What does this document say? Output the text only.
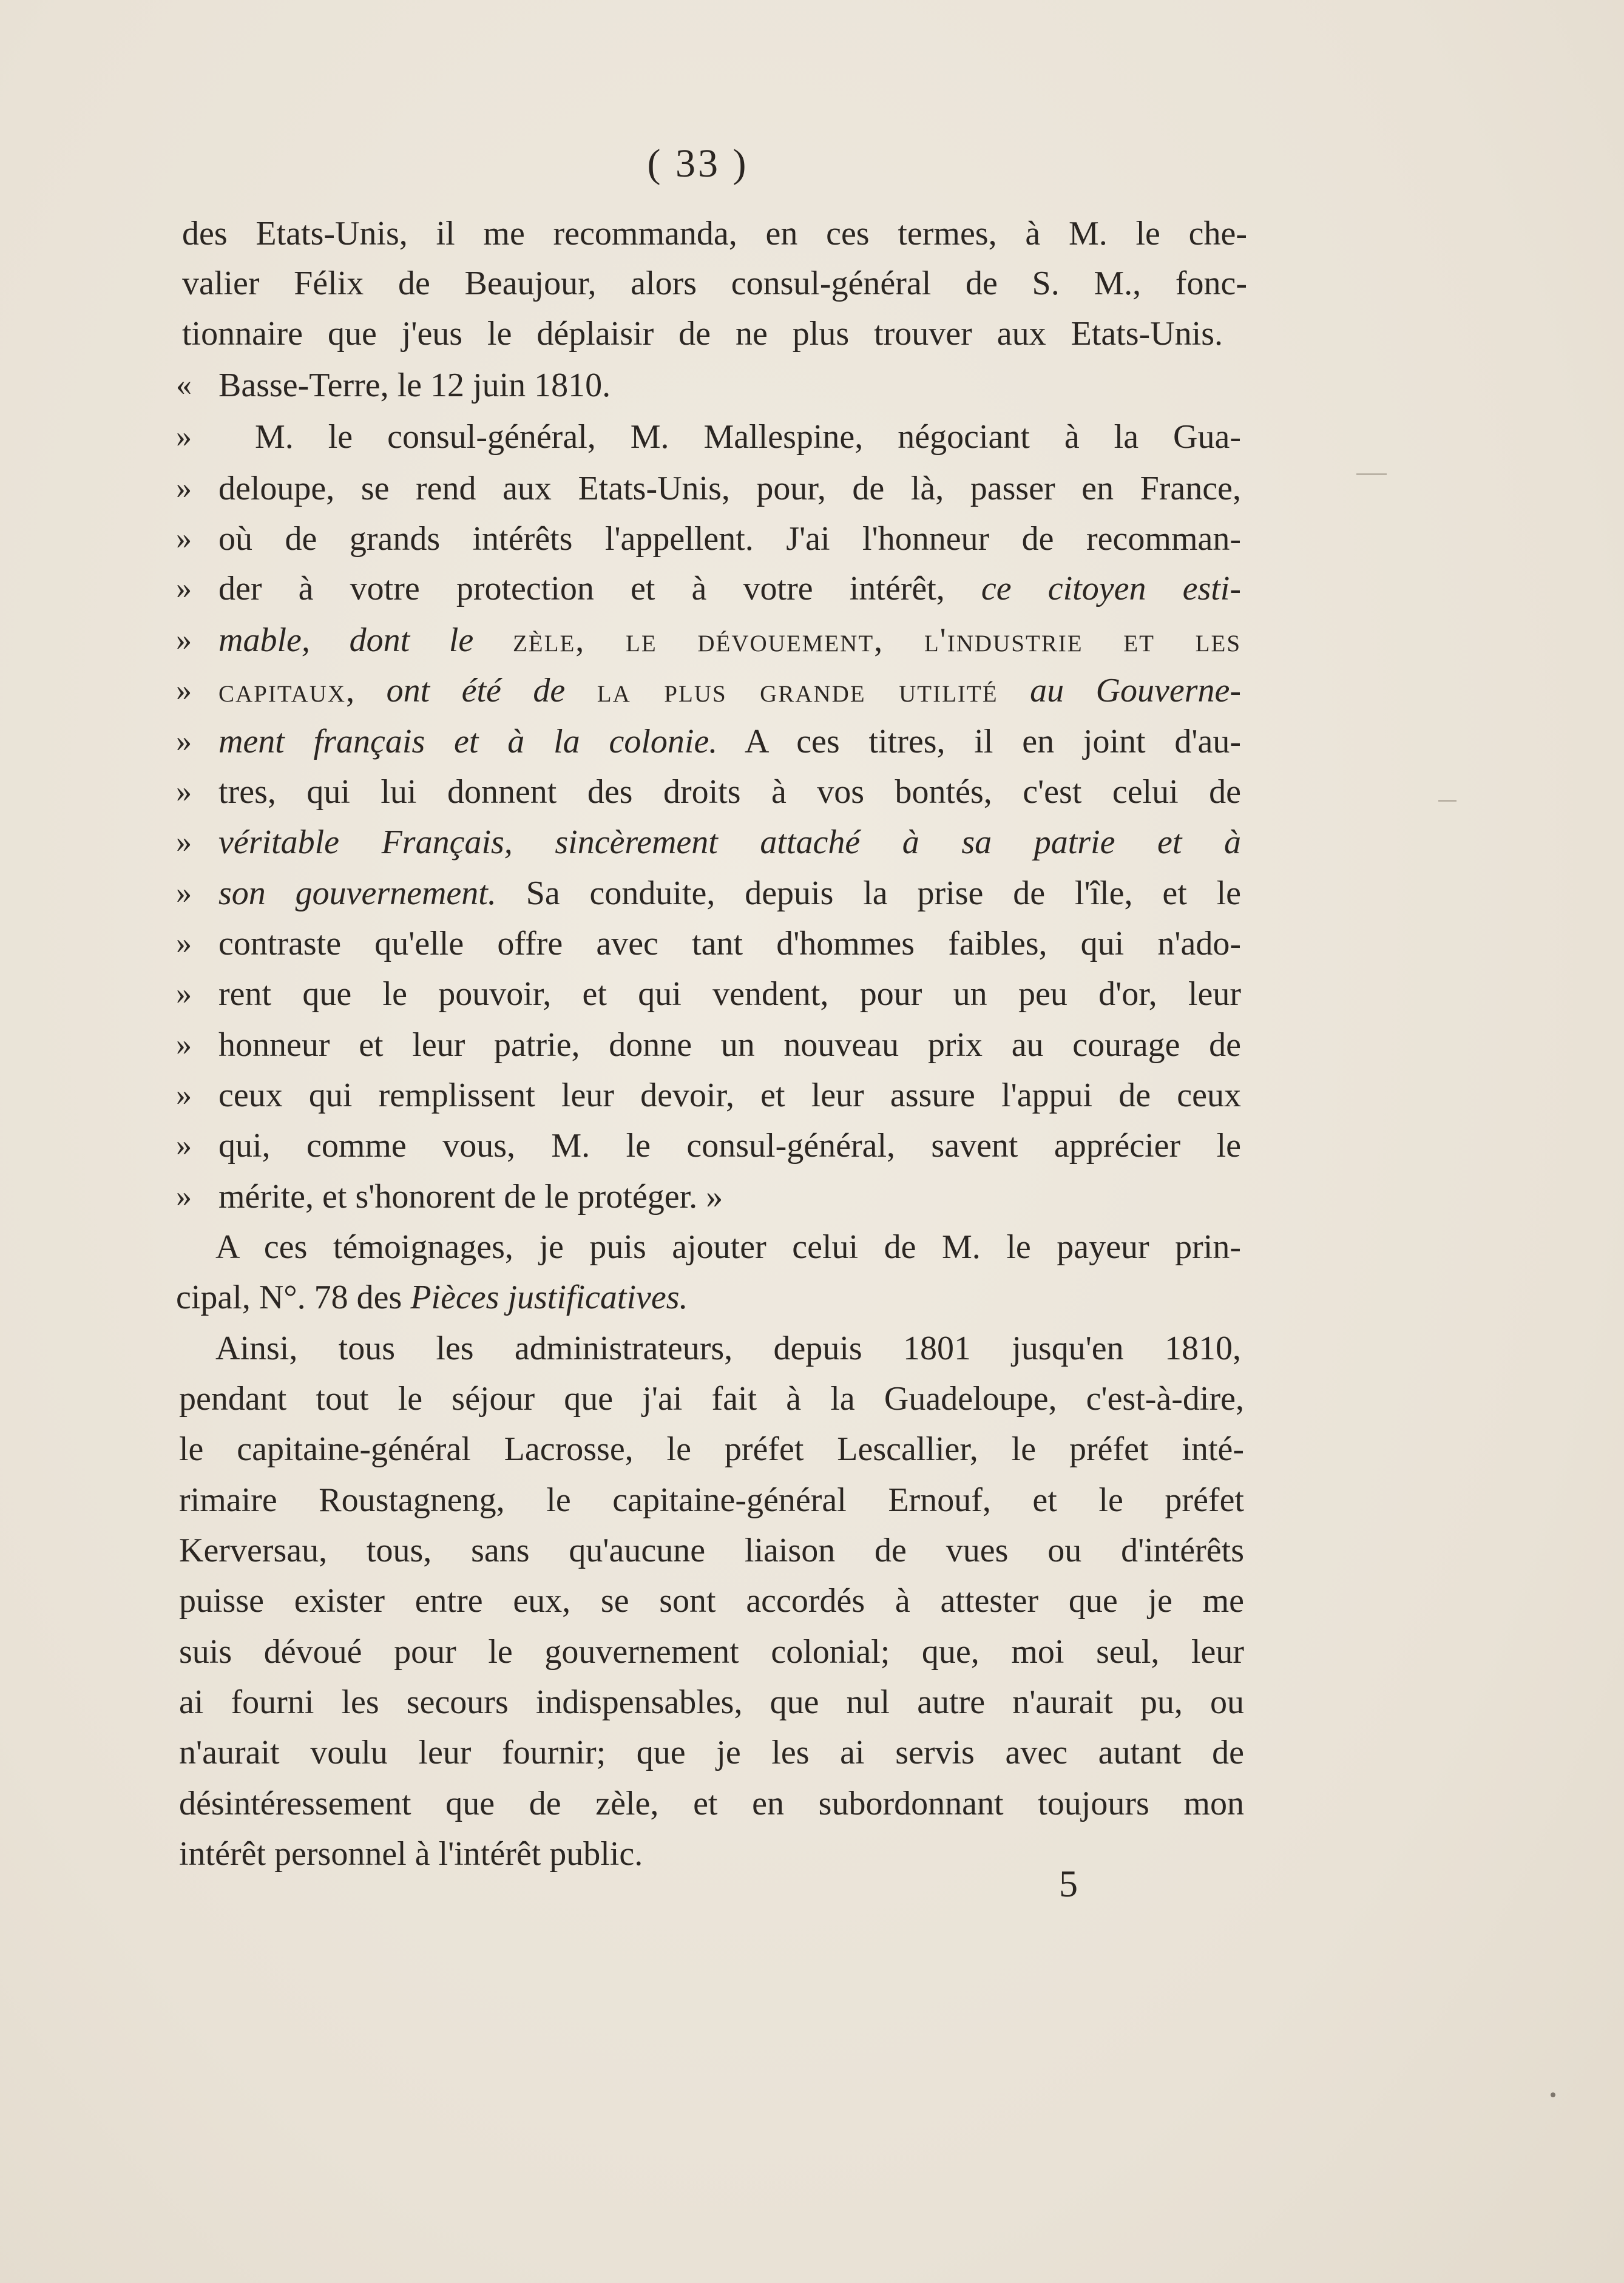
( 33 )
des Etats-Unis, il me recommanda, en ces termes, à M. le che-
valier Félix de Beaujour, alors consul-général de S. M., fonc-
tionnaire que j'eus le déplaisir de ne plus trouver aux Etats-Unis.
« Basse-Terre, le 12 juin 1810.
» M. le consul-général, M. Mallespine, négociant à la Gua-
» deloupe, se rend aux Etats-Unis, pour, de là, passer en France,
» où de grands intérêts l'appellent. J'ai l'honneur de recomman-
» der à votre protection et à votre intérêt, ce citoyen esti-
» mable, dont le zèle, le dévouement, l'industrie et les
» capitaux, ont été de la plus grande utilité au Gouverne-
» ment français et à la colonie. A ces titres, il en joint d'au-
» tres, qui lui donnent des droits à vos bontés, c'est celui de
» véritable Français, sincèrement attaché à sa patrie et à
» son gouvernement. Sa conduite, depuis la prise de l'île, et le
» contraste qu'elle offre avec tant d'hommes faibles, qui n'ado-
» rent que le pouvoir, et qui vendent, pour un peu d'or, leur
» honneur et leur patrie, donne un nouveau prix au courage de
» ceux qui remplissent leur devoir, et leur assure l'appui de ceux
» qui, comme vous, M. le consul-général, savent apprécier le
» mérite, et s'honorent de le protéger. »
A ces témoignages, je puis ajouter celui de M. le payeur prin-
cipal, N°. 78 des Pièces justificatives.
Ainsi, tous les administrateurs, depuis 1801 jusqu'en 1810,
pendant tout le séjour que j'ai fait à la Guadeloupe, c'est-à-dire,
le capitaine-général Lacrosse, le préfet Lescallier, le préfet inté-
rimaire Roustagneng, le capitaine-général Ernouf, et le préfet
Kerversau, tous, sans qu'aucune liaison de vues ou d'intérêts
puisse exister entre eux, se sont accordés à attester que je me
suis dévoué pour le gouvernement colonial; que, moi seul, leur
ai fourni les secours indispensables, que nul autre n'aurait pu, ou
n'aurait voulu leur fournir; que je les ai servis avec autant de
désintéressement que de zèle, et en subordonnant toujours mon
intérêt personnel à l'intérêt public.
5
